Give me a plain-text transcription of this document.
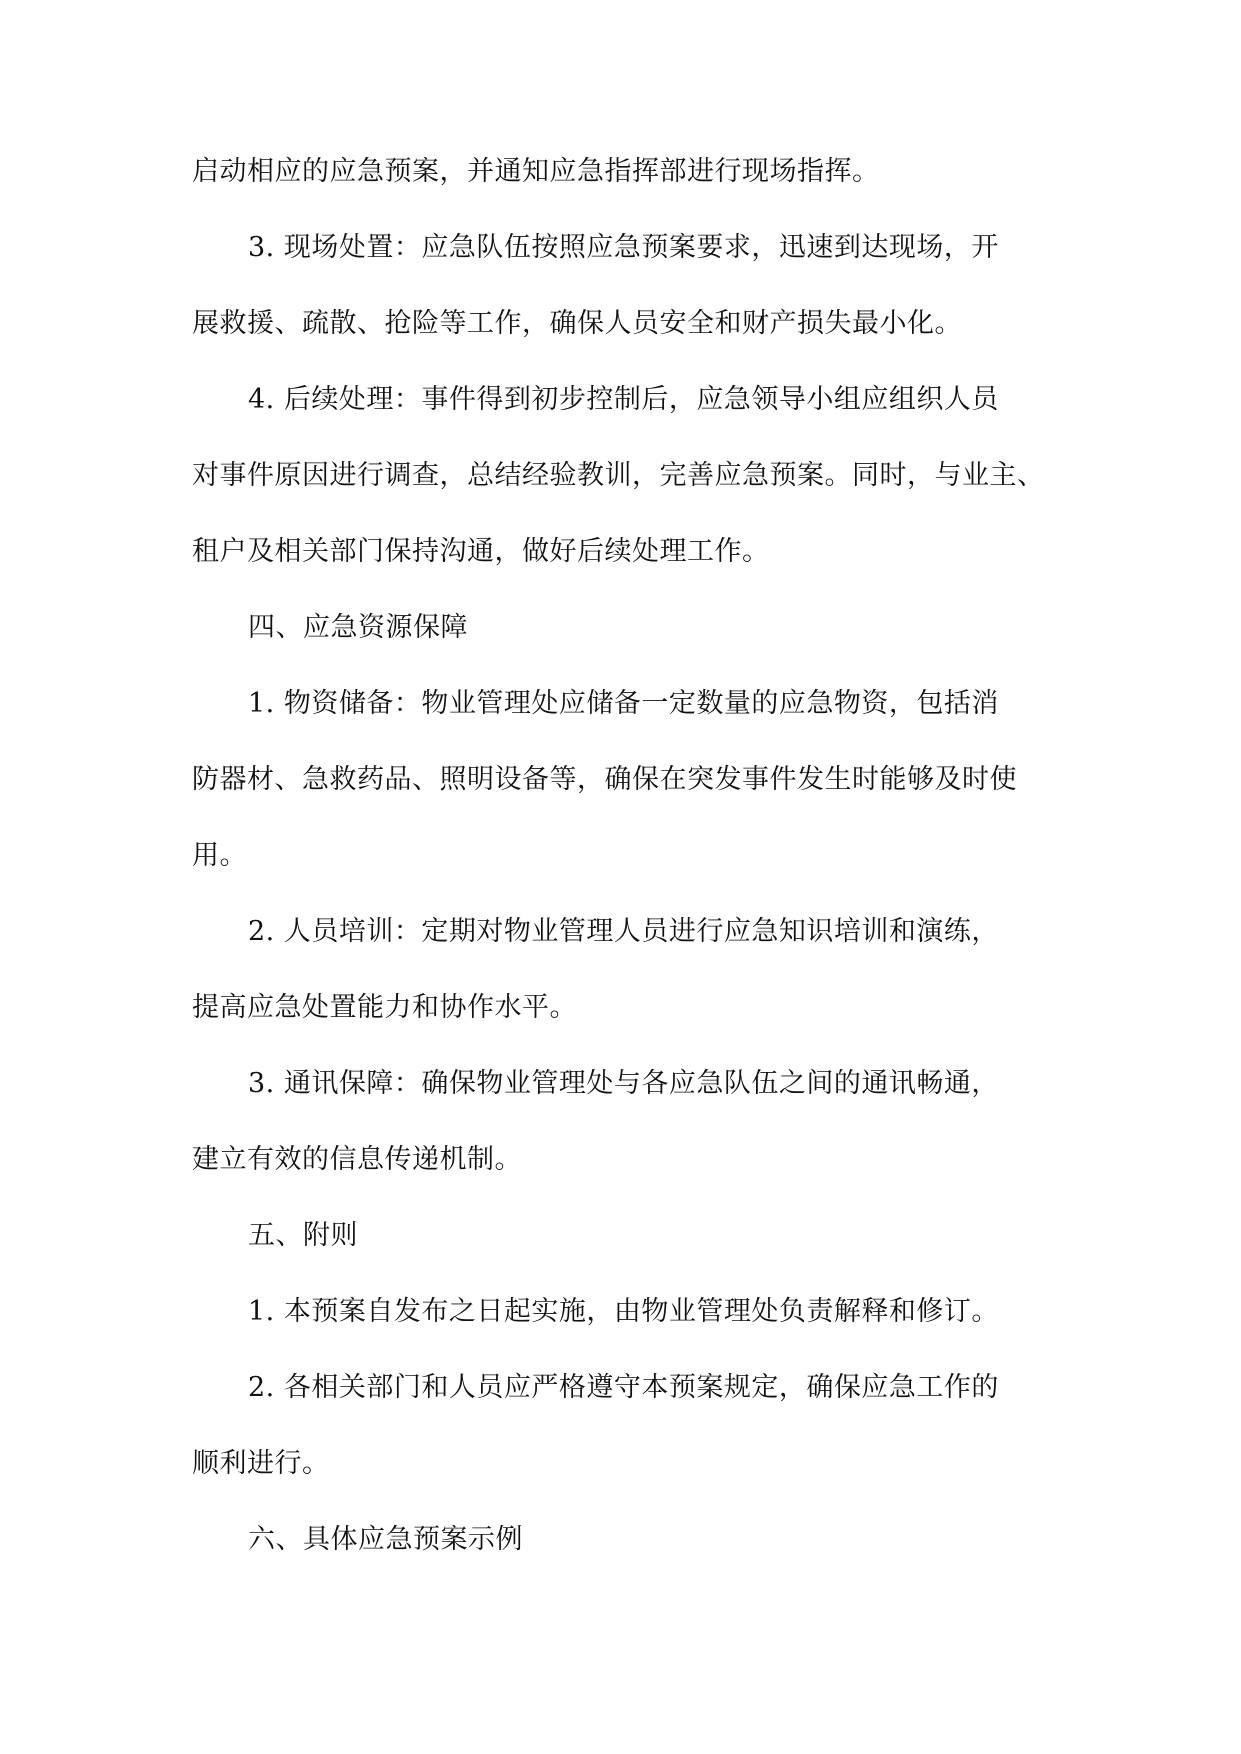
启动相应的应急预案，并通知应急指挥部进行现场指挥。
3. 现场处置：应急队伍按照应急预案要求，迅速到达现场，开
展救援、疏散、抢险等工作，确保人员安全和财产损失最小化。
4. 后续处理：事件得到初步控制后，应急领导小组应组织人员
对事件原因进行调查，总结经验教训，完善应急预案。同时，与业主、
租户及相关部门保持沟通，做好后续处理工作。
四、应急资源保障
1. 物资储备：物业管理处应储备一定数量的应急物资，包括消
防器材、急救药品、照明设备等，确保在突发事件发生时能够及时使
用。
2. 人员培训：定期对物业管理人员进行应急知识培训和演练，
提高应急处置能力和协作水平。
3. 通讯保障：确保物业管理处与各应急队伍之间的通讯畅通，
建立有效的信息传递机制。
五、附则
1. 本预案自发布之日起实施，由物业管理处负责解释和修订。
2. 各相关部门和人员应严格遵守本预案规定，确保应急工作的
顺利进行。
六、具体应急预案示例
